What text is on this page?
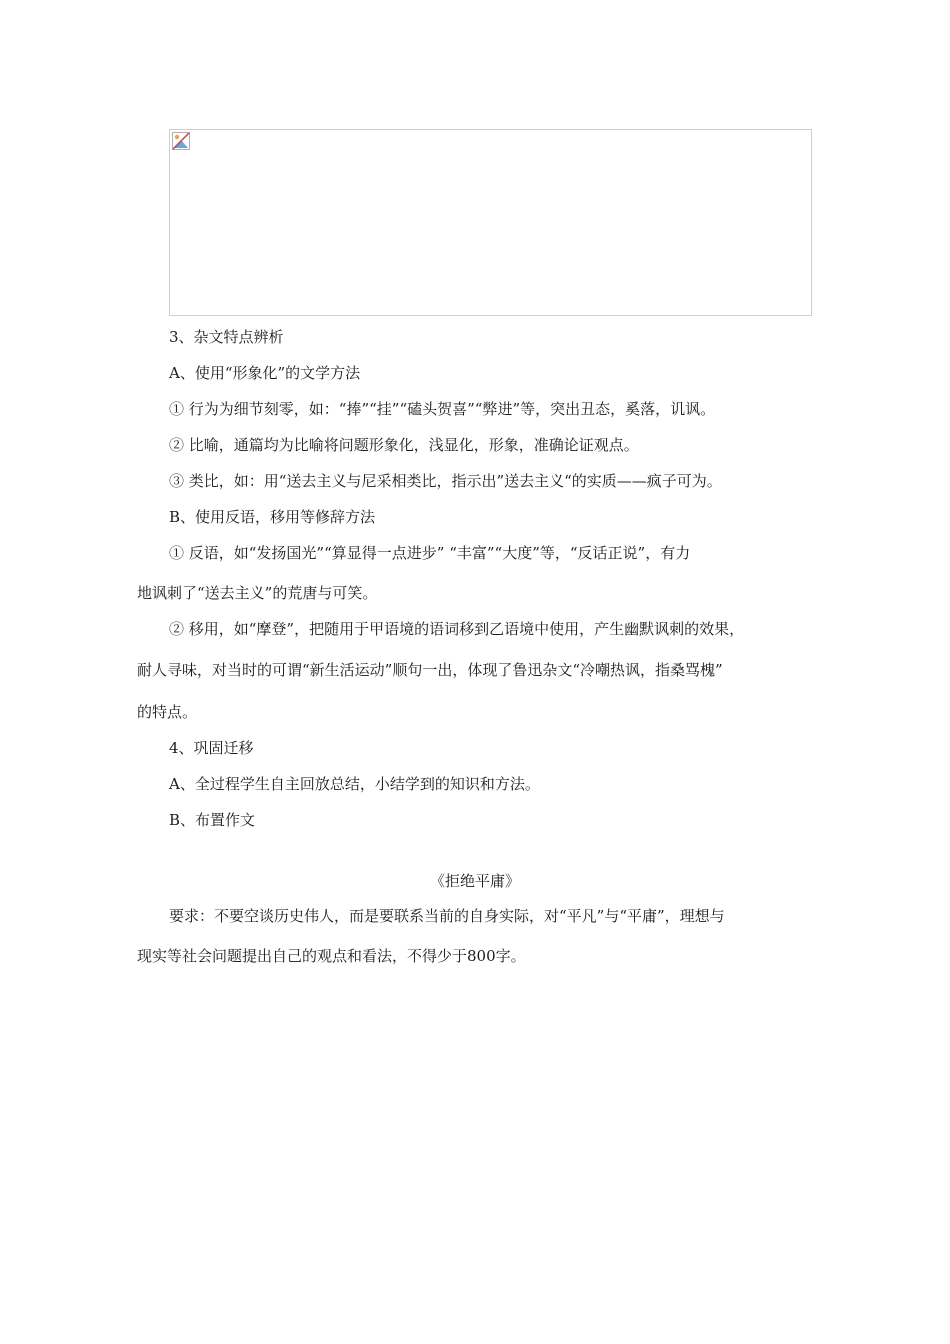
3、杂文特点辨析
A、使用“形象化”的文学方法
① 行为为细节刻零，如：“捧”“挂”“磕头贺喜”“弊进”等，突出丑态，奚落，讥讽。
② 比喻，通篇均为比喻将问题形象化，浅显化，形象，准确论证观点。
③ 类比，如：用“送去主义与尼采相类比，指示出”送去主义“的实质——疯子可为。
B、使用反语，移用等修辞方法
① 反语，如“发扬国光”“算显得一点进步” “丰富”“大度”等，“反话正说”，有力
地讽刺了“送去主义”的荒唐与可笑。
② 移用，如“摩登”，把随用于甲语境的语词移到乙语境中使用，产生幽默讽刺的效果，
耐人寻味，对当时的可谓“新生活运动”顺句一出，体现了鲁迅杂文“冷嘲热讽，指桑骂槐”
的特点。
4、巩固迁移
A、全过程学生自主回放总结，小结学到的知识和方法。
B、布置作文
《拒绝平庸》
要求：不要空谈历史伟人，而是要联系当前的自身实际，对“平凡”与“平庸”，理想与
现实等社会问题提出自己的观点和看法，不得少于800字。
